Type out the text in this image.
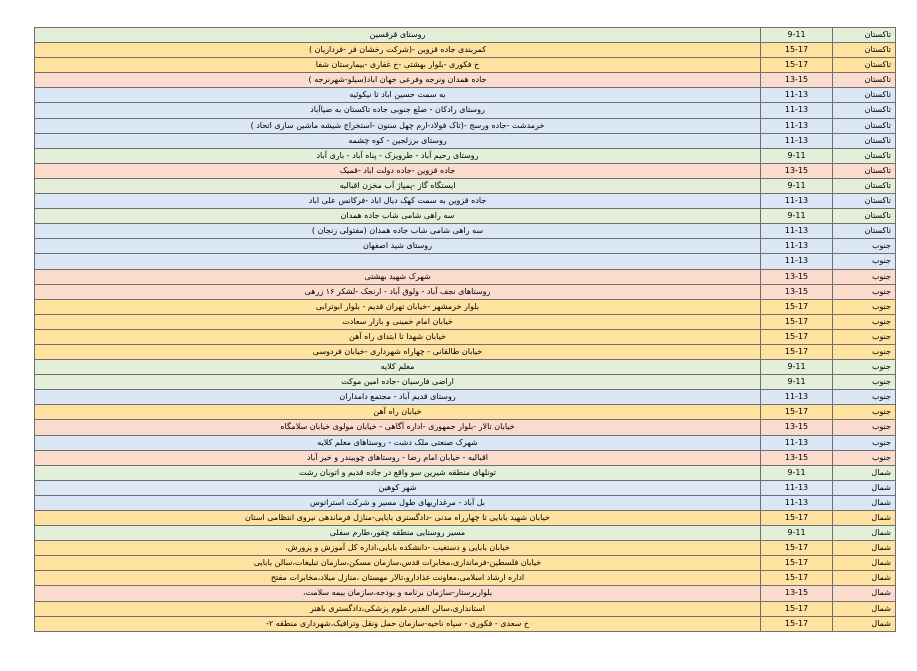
روستای قرقسین	9-11	تاکستان
کمربندی جاده قزوین -(شرکت رخشان فر -فرداریان )	15-17	تاکستان
خ فکوری -بلوار بهشتی -خ غفاری -بیمارستان شفا	15-17	تاکستان
جاده همدان ونرجه وفرعی جهان اباد(سیلو-شهرنرجه )	13-15	تاکستان
به سمت حسین اباد تا نیکوئیه	11-13	تاکستان
روستای رادکان - ضلع جنوبی جاده تاکستان به ضیاآباد	11-13	تاکستان
خرمدشت -جاده ورسج -(تاک فولاد-ارم چهل ستون -استخراج شیشه ماشین سازی اتحاد )	11-13	تاکستان
روستای برزلجین - کوه چشمه	11-13	تاکستان
روستای رحیم آباد - طرویزک - پناه آباد - باری آباد	9-11	تاکستان
جاده قزوین -جاده دولت اباد -قمیک	13-15	تاکستان
ایستگاه گاز -پمپاژ آب مخزن اقبالیه	9-11	تاکستان
جاده قزوین به سمت کهک دیال اباد -فرکانس علی اباد	11-13	تاکستان
سه راهی شامی شاب جاده همدان	9-11	تاکستان
سه راهی شامی شاب جاده همدان (مفتولی زنجان )	11-13	تاکستان
روستای شید اصفهان	11-13	جنوب
	11-13	جنوب
شهرک شهید بهشتی	13-15	جنوب
روستاهای نجف آباد - ولوق آباد - ارنجک -لشکر ۱۶ زرهی	13-15	جنوب
بلوار خرمشهر -خیابان تهران قدیم - بلوار ابوترابی	15-17	جنوب
خیابان امام خمینی و بازار سعادت	15-17	جنوب
خیابان شهدا تا ابتدای راه آهن	15-17	جنوب
خیابان طالقانی - چهاراه شهرداری -خیابان فردوسی	15-17	جنوب
معلم کلایه	9-11	جنوب
اراضی فارسیان -جاده امین موکت	9-11	جنوب
روستای قدیم آباد - مجتمع دامداران	11-13	جنوب
خیابان راه آهن	15-17	جنوب
خیابان تالار -بلوار جمهوری -اداره آگاهی - خیابان مولوی خیابان سلامگاه	13-15	جنوب
شهرک صنعتی ملک دشت - روستاهای معلم کلایه	11-13	جنوب
اقبالیه - خیابان امام رضا - روستاهای چوبیندر و خیر آباد	13-15	جنوب
تونلهای منطقه شیرین سو واقع در جاده قدیم و اتوبان رشت	9-11	شمال
شهر کوهین	11-13	شمال
بل آباد - مرغداریهای طول مسیر و شرکت استراتوس	11-13	شمال
خیابان شهید بابایی تا چهارراه مدنی -دادگستری بابایی-منازل فرماندهی نیروی انتظامی استان	15-17	شمال
مسیر روستایی منطقه چقور،طارم سفلی	9-11	شمال
خیابان بابایی و دستغیب -دانشکده بابایی،اداره کل آموزش و پرورش،	15-17	شمال
خیابان فلسطین-فرمانداری،مخابرات قدس،سازمان مسکن،سازمان تبلیغات،سالن بابایی	15-17	شمال
اداره ارشاد اسلامی،معاونت غذادارو،تالار مهستان ،منازل میلاد،مخابرات مفتح	15-17	شمال
بلواربرستار-سازمان برنامه و بودجه،سازمان بیمه سلامت،	13-15	شمال
استانداری،سالن الغدیر،علوم پزشکی،دادگستری باهنر	15-17	شمال
خ سعدی - فکوری - سپاه ناحیه-سازمان حمل ونقل وترافیک،شهرداری منطقه ۲-	15-17	شمال
